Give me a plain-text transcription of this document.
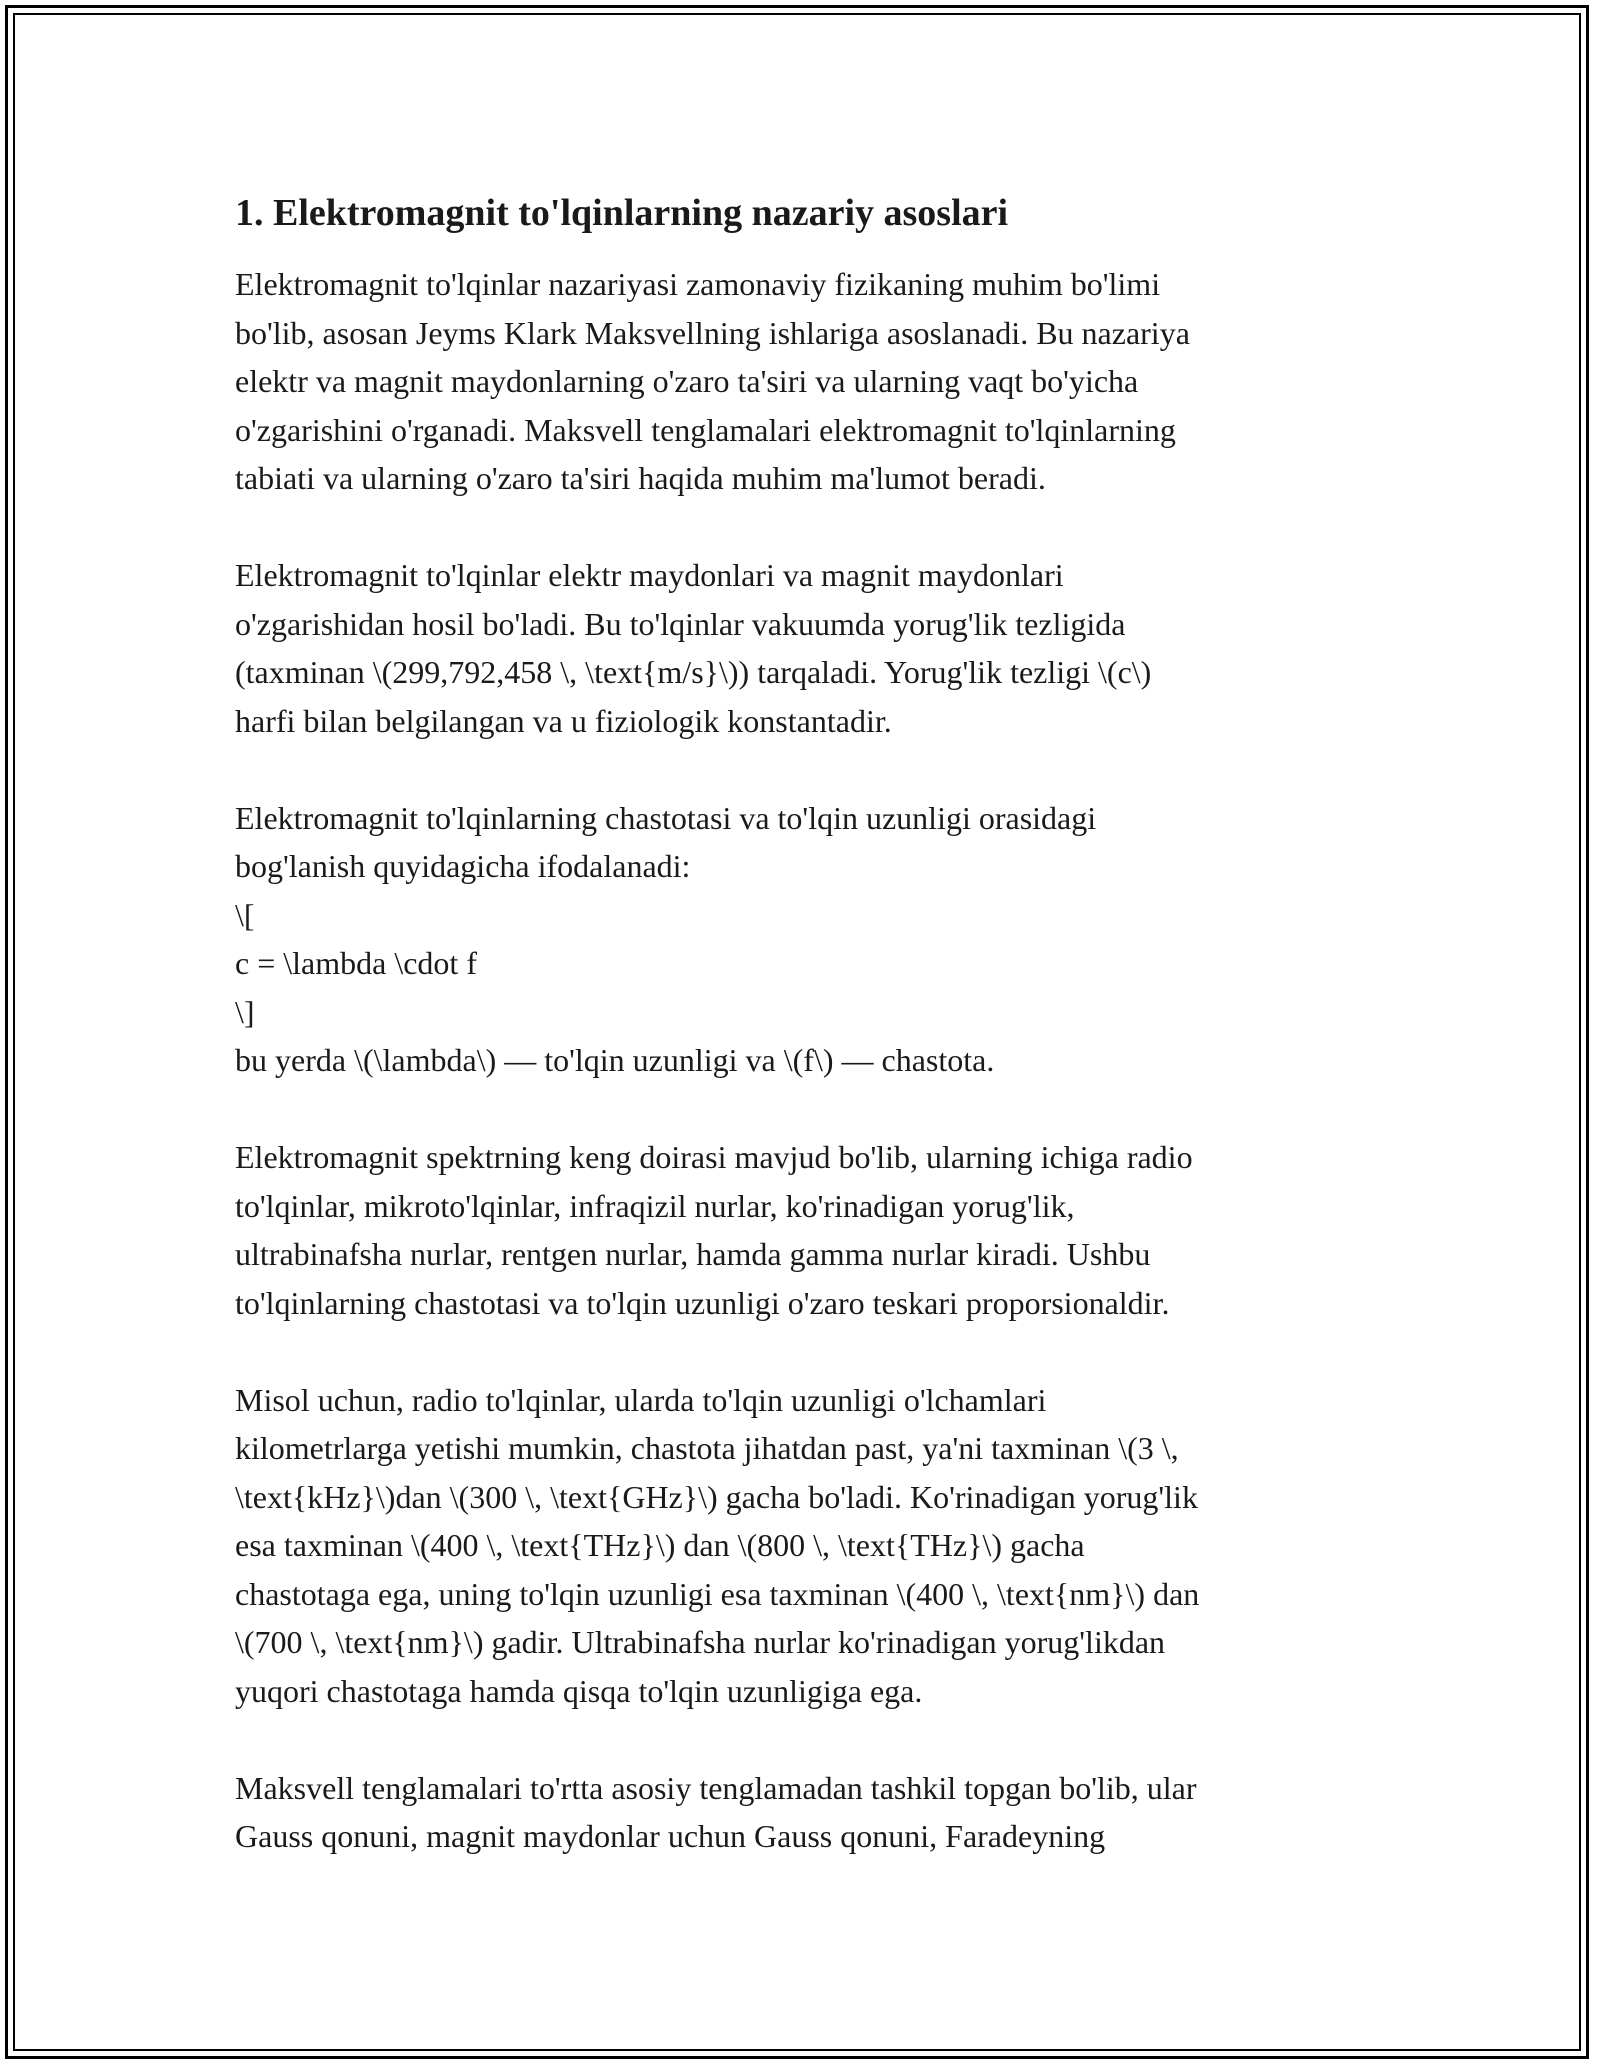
1. Elektromagnit to'lqinlarning nazariy asoslari
Elektromagnit to'lqinlar nazariyasi zamonaviy fizikaning muhim bo'limi
bo'lib, asosan Jeyms Klark Maksvellning ishlariga asoslanadi. Bu nazariya
elektr va magnit maydonlarning o'zaro ta'siri va ularning vaqt bo'yicha
o'zgarishini o'rganadi. Maksvell tenglamalari elektromagnit to'lqinlarning
tabiati va ularning o'zaro ta'siri haqida muhim ma'lumot beradi.
Elektromagnit to'lqinlar elektr maydonlari va magnit maydonlari
o'zgarishidan hosil bo'ladi. Bu to'lqinlar vakuumda yorug'lik tezligida
(taxminan \(299,792,458 \, \text{m/s}\)) tarqaladi. Yorug'lik tezligi \(c\)
harfi bilan belgilangan va u fiziologik konstantadir.
Elektromagnit to'lqinlarning chastotasi va to'lqin uzunligi orasidagi
bog'lanish quyidagicha ifodalanadi:
\[
c = \lambda \cdot f
\]
bu yerda \(\lambda\) — to'lqin uzunligi va \(f\) — chastota.
Elektromagnit spektrning keng doirasi mavjud bo'lib, ularning ichiga radio
to'lqinlar, mikroto'lqinlar, infraqizil nurlar, ko'rinadigan yorug'lik,
ultrabinafsha nurlar, rentgen nurlar, hamda gamma nurlar kiradi. Ushbu
to'lqinlarning chastotasi va to'lqin uzunligi o'zaro teskari proporsionaldir.
Misol uchun, radio to'lqinlar, ularda to'lqin uzunligi o'lchamlari
kilometrlarga yetishi mumkin, chastota jihatdan past, ya'ni taxminan \(3 \,
\text{kHz}\)dan \(300 \, \text{GHz}\) gacha bo'ladi. Ko'rinadigan yorug'lik
esa taxminan \(400 \, \text{THz}\) dan \(800 \, \text{THz}\) gacha
chastotaga ega, uning to'lqin uzunligi esa taxminan \(400 \, \text{nm}\) dan
\(700 \, \text{nm}\) gadir. Ultrabinafsha nurlar ko'rinadigan yorug'likdan
yuqori chastotaga hamda qisqa to'lqin uzunligiga ega.
Maksvell tenglamalari to'rtta asosiy tenglamadan tashkil topgan bo'lib, ular
Gauss qonuni, magnit maydonlar uchun Gauss qonuni, Faradeyning
